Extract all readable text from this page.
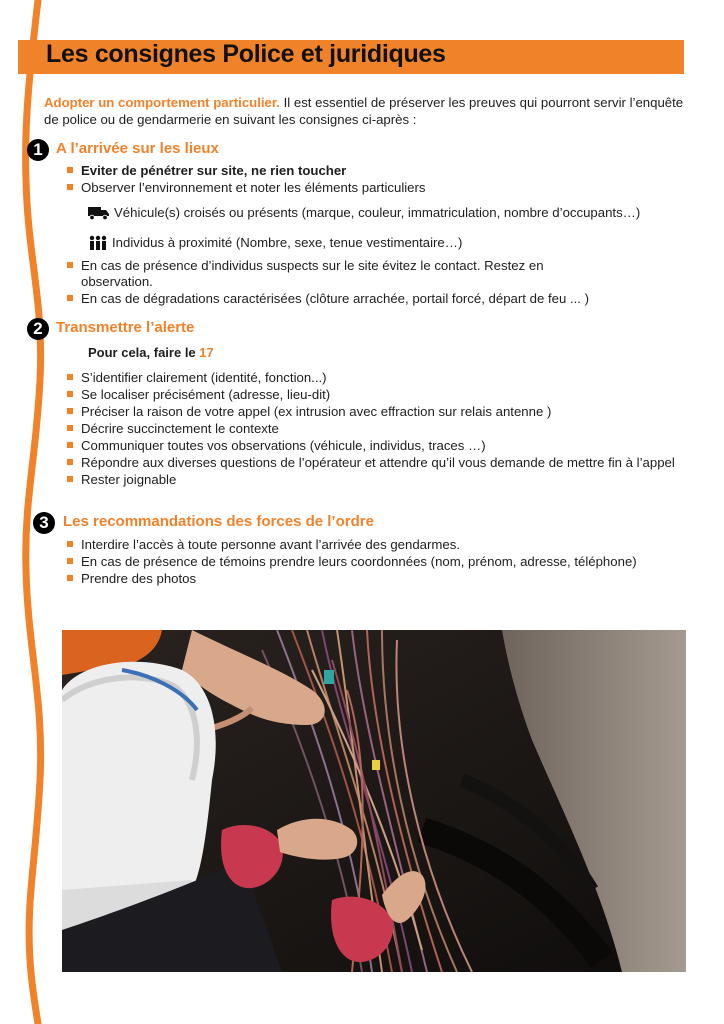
Les consignes Police et juridiques

Adopter un comportement particulier. Il est essentiel de préserver les preuves qui pourront servir l’enquête de police ou de gendarmerie en suivant les consignes ci-après :

1 A l’arrivée sur les lieux
Eviter de pénétrer sur site, ne rien toucher
Observer l’environnement et noter les éléments particuliers
Véhicule(s) croisés ou présents (marque, couleur, immatriculation, nombre d’occupants…)
Individus à proximité (Nombre, sexe, tenue vestimentaire…)
En cas de présence d’individus suspects sur le site évitez le contact. Restez en observation.
En cas de dégradations caractérisées (clôture arrachée, portail forcé, départ de feu ... )
2 Transmettre l’alerte

Pour cela, faire le 17

S’identifier clairement (identité, fonction...)
Se localiser précisément (adresse, lieu-dit)
Préciser la raison de votre appel (ex intrusion avec effraction sur relais antenne )
Décrire succinctement le contexte
Communiquer toutes vos observations (véhicule, individus, traces …)
Répondre aux diverses questions de l’opérateur et attendre qu’il vous demande de mettre fin à l’appel
Rester joignable
3 Les recommandations des forces de l’ordre
Interdire l’accès à toute personne avant l’arrivée des gendarmes.
En cas de présence de témoins prendre leurs coordonnées (nom, prénom, adresse, téléphone)
Prendre des photos
